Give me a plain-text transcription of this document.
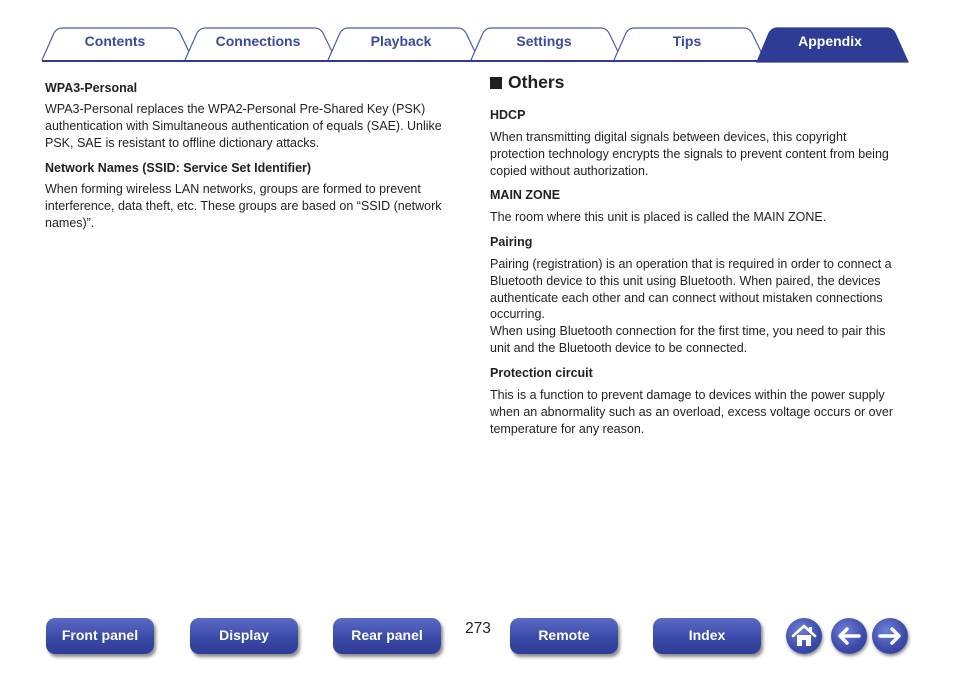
Contents	Connections	Playback	Settings	Tips	Appendix
WPA3-Personal
WPA3-Personal replaces the WPA2-Personal Pre-Shared Key (PSK)
authentication with Simultaneous authentication of equals (SAE). Unlike
PSK, SAE is resistant to offline dictionary attacks.
Network Names (SSID: Service Set Identifier)
When forming wireless LAN networks, groups are formed to prevent
interference, data theft, etc. These groups are based on “SSID (network
names)”.
Others
HDCP
When transmitting digital signals between devices, this copyright
protection technology encrypts the signals to prevent content from being
copied without authorization.
MAIN ZONE
The room where this unit is placed is called the MAIN ZONE.
Pairing
Pairing (registration) is an operation that is required in order to connect a
Bluetooth device to this unit using Bluetooth. When paired, the devices
authenticate each other and can connect without mistaken connections
occurring.
When using Bluetooth connection for the first time, you need to pair this
unit and the Bluetooth device to be connected.
Protection circuit
This is a function to prevent damage to devices within the power supply
when an abnormality such as an overload, excess voltage occurs or over
temperature for any reason.
Front panel	Display	Rear panel	273	Remote	Index
